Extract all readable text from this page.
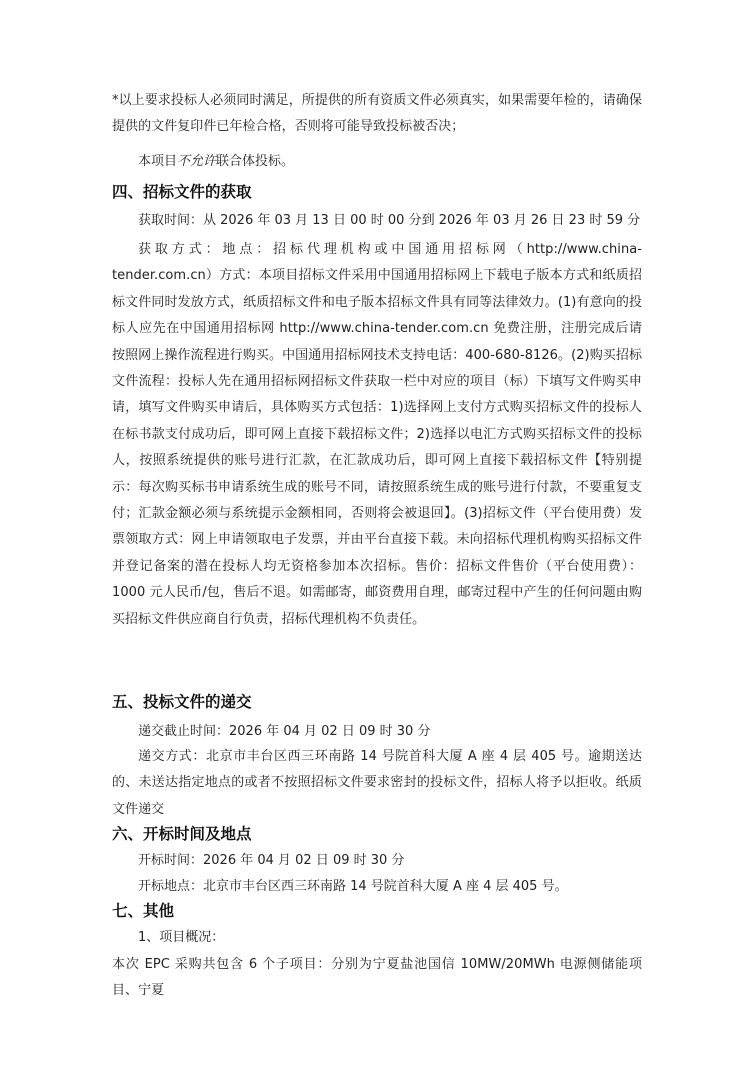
*以上要求投标人必须同时满足，所提供的所有资质文件必须真实，如果需要年检的，请确保提供的文件复印件已年检合格，否则将可能导致投标被否决；
本项目不允许联合体投标。
四、招标文件的获取
获取时间：从 2026 年 03 月 13 日 00 时 00 分到 2026 年 03 月 26 日 23 时 59 分
获取方式：地点：招标代理机构或中国通用招标网（http://www.china-tender.com.cn）方式：本项目招标文件采用中国通用招标网上下载电子版本方式和纸质招标文件同时发放方式，纸质招标文件和电子版本招标文件具有同等法律效力。(1)有意向的投标人应先在中国通用招标网 http://www.china-tender.com.cn 免费注册，注册完成后请按照网上操作流程进行购买。中国通用招标网技术支持电话：400-680-8126。(2)购买招标文件流程：投标人先在通用招标网招标文件获取一栏中对应的项目（标）下填写文件购买申请，填写文件购买申请后，具体购买方式包括：1)选择网上支付方式购买招标文件的投标人在标书款支付成功后，即可网上直接下载招标文件；2)选择以电汇方式购买招标文件的投标人，按照系统提供的账号进行汇款，在汇款成功后，即可网上直接下载招标文件【特别提示：每次购买标书申请系统生成的账号不同，请按照系统生成的账号进行付款，不要重复支付；汇款金额必须与系统提示金额相同，否则将会被退回】。(3)招标文件（平台使用费）发票领取方式：网上申请领取电子发票，并由平台直接下载。未向招标代理机构购买招标文件并登记备案的潜在投标人均无资格参加本次招标。售价：招标文件售价（平台使用费）：1000 元人民币/包，售后不退。如需邮寄，邮资费用自理，邮寄过程中产生的任何问题由购买招标文件供应商自行负责，招标代理机构不负责任。
五、投标文件的递交
递交截止时间：2026 年 04 月 02 日 09 时 30 分
递交方式：北京市丰台区西三环南路 14 号院首科大厦 A 座 4 层 405 号。逾期送达的、未送达指定地点的或者不按照招标文件要求密封的投标文件，招标人将予以拒收。纸质文件递交
六、开标时间及地点
开标时间：2026 年 04 月 02 日 09 时 30 分
开标地点：北京市丰台区西三环南路 14 号院首科大厦 A 座 4 层 405 号。
七、其他
1、项目概况：
本次 EPC 采购共包含 6 个子项目：分别为宁夏盐池国信 10MW/20MWh 电源侧储能项目、宁夏
